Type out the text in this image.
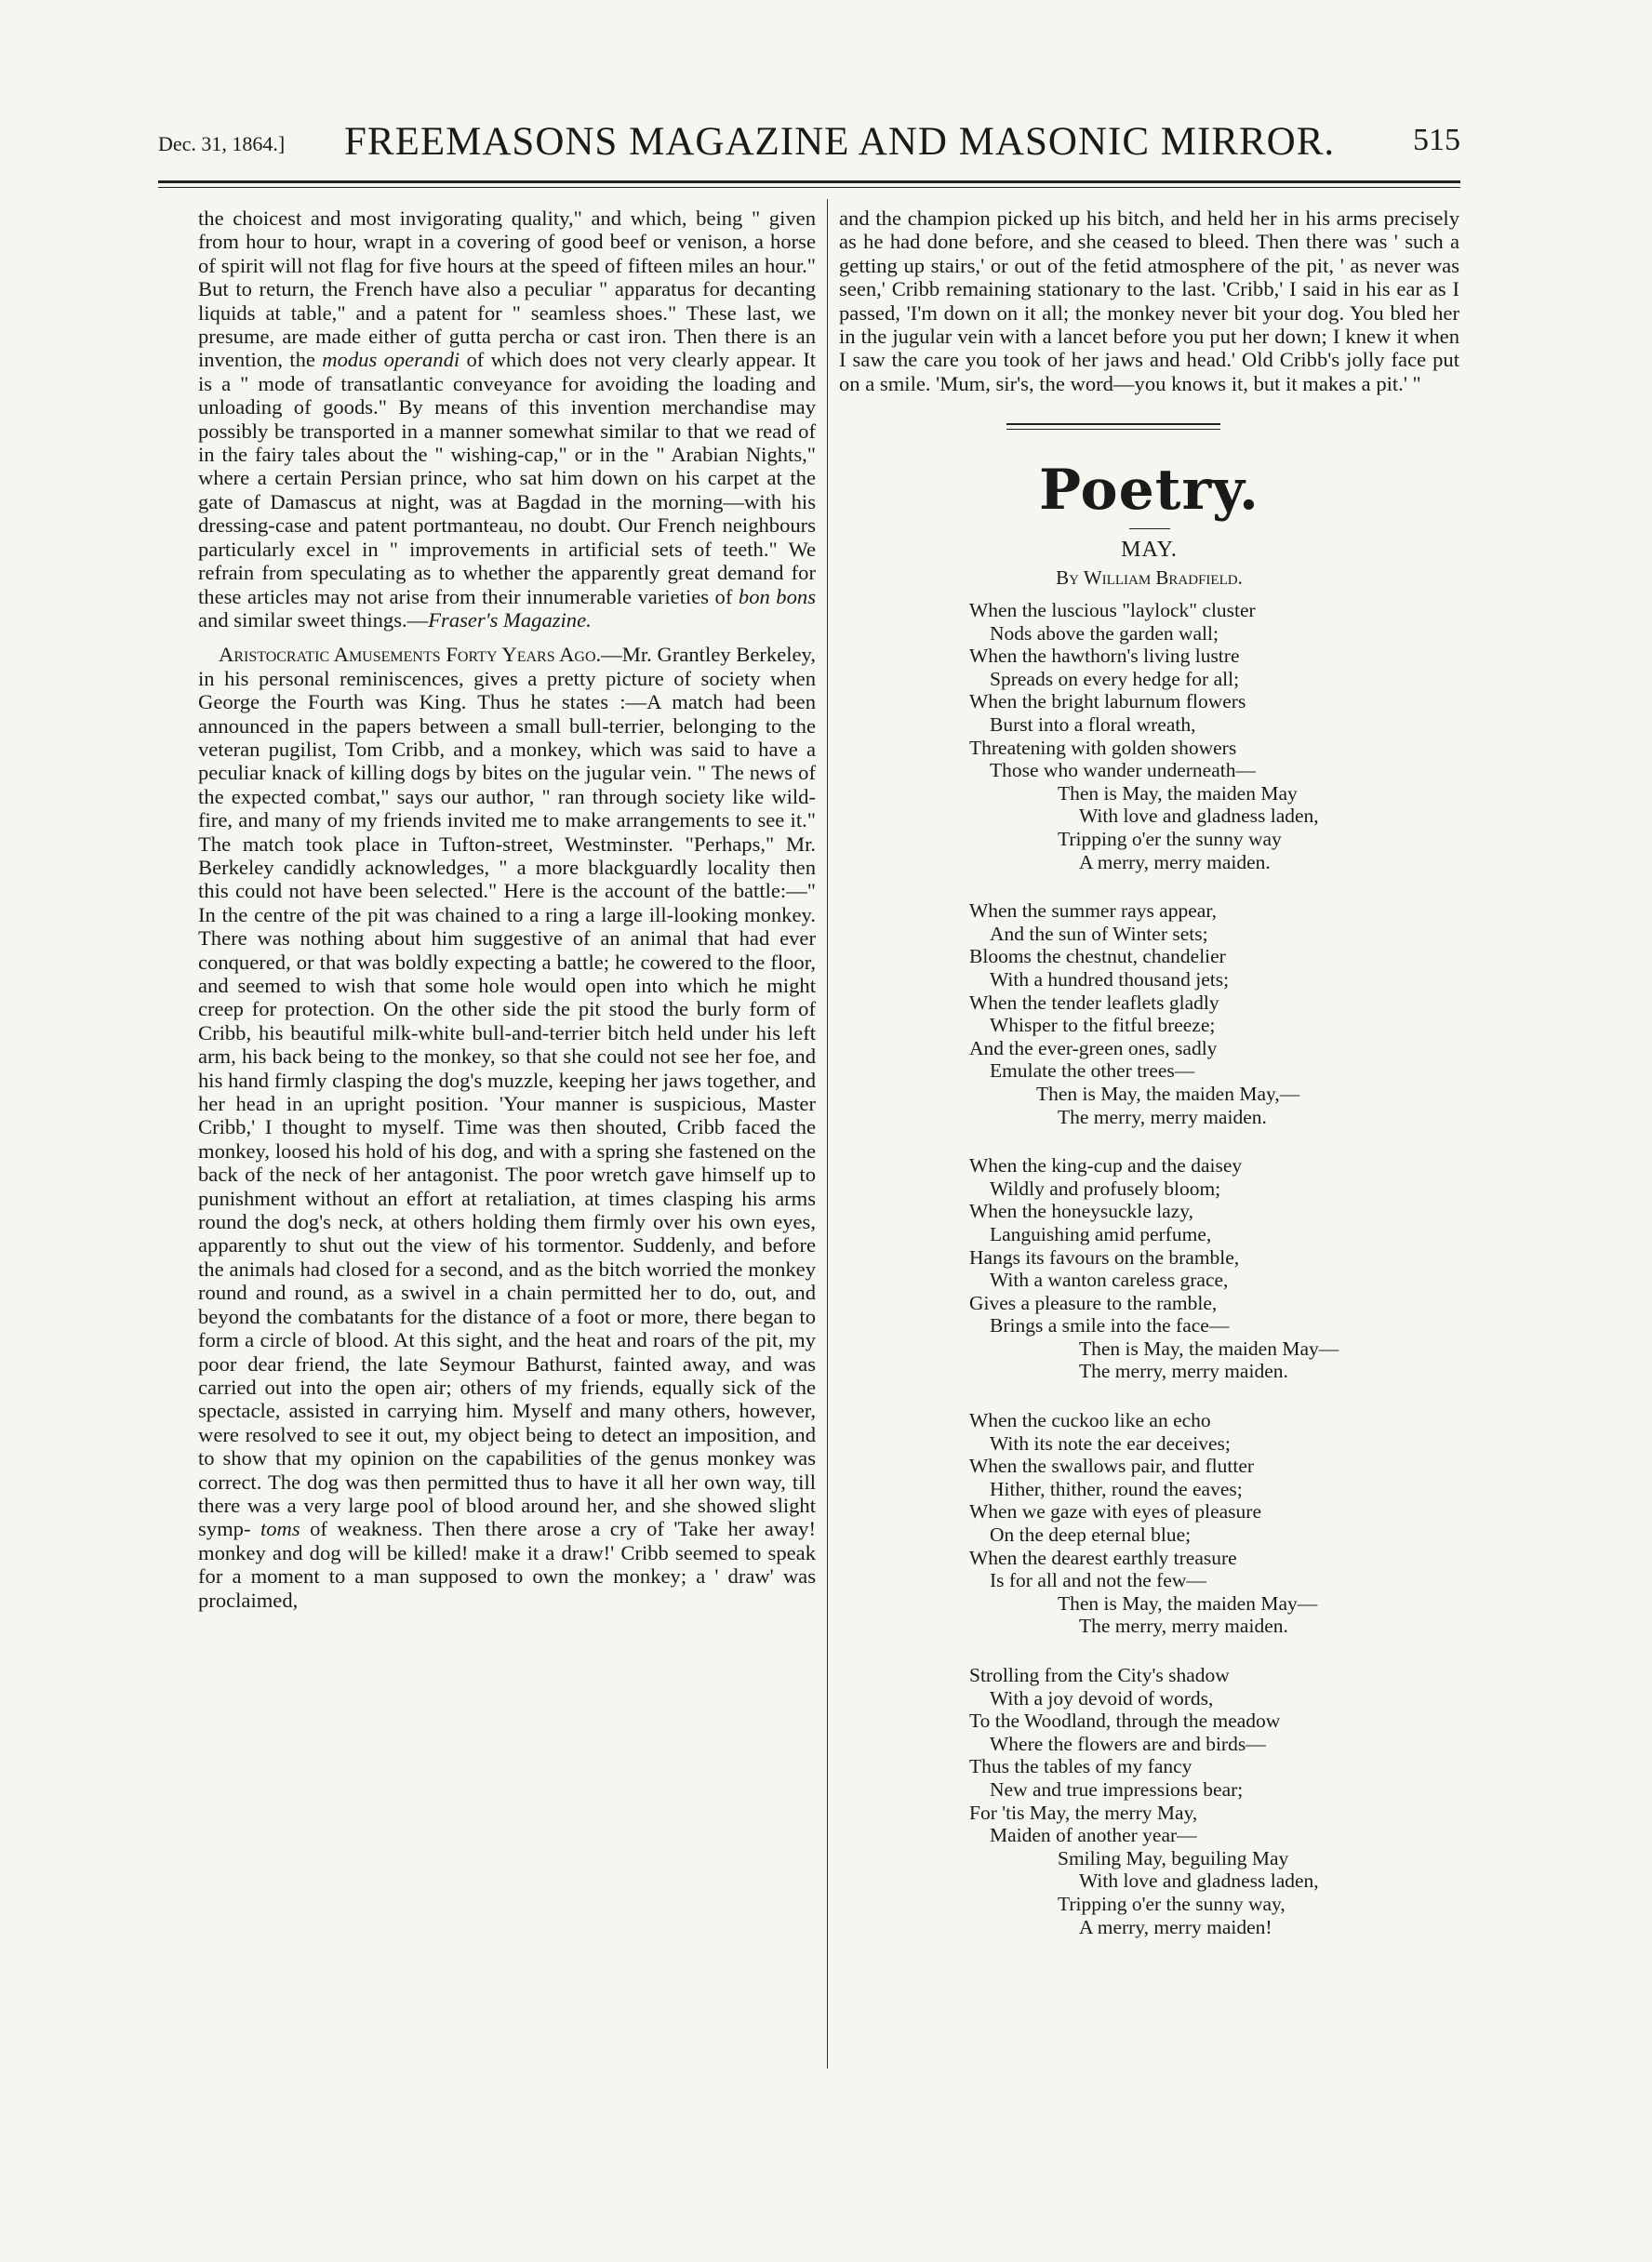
Dec. 31, 1864.] FREEMASONS MAGAZINE AND MASONIC MIRROR. 515

the choicest and most invigorating quality," and which, being " given from hour to hour, wrapt in a covering of good beef or venison, a horse of spirit will not flag for five hours at the speed of fifteen miles an hour." But to return, the French have also a peculiar " apparatus for decanting liquids at table," and a patent for " seamless shoes." These last, we presume, are made either of gutta percha or cast iron. Then there is an invention, the modus operandi of which does not very clearly appear. It is a " mode of transatlantic conveyance for avoiding the loading and unloading of goods." By means of this invention merchandise may possibly be transported in a manner somewhat similar to that we read of in the fairy tales about the " wishing-cap," or in the " Arabian Nights," where a certain Persian prince, who sat him down on his carpet at the gate of Damascus at night, was at Bagdad in the morning—with his dressing-case and patent portmanteau, no doubt. Our French neighbours particularly excel in " improvements in artificial sets of teeth." We refrain from speculating as to whether the apparently great demand for these articles may not arise from their innumerable varieties of bon bons and similar sweet things.—Fraser's Magazine.

Aristocratic Amusements Forty Years Ago.—Mr. Grantley Berkeley, in his personal reminiscences, gives a pretty picture of society when George the Fourth was King. Thus he states :—A match had been announced in the papers between a small bull-terrier, belonging to the veteran pugilist, Tom Cribb, and a monkey, which was said to have a peculiar knack of killing dogs by bites on the jugular vein. " The news of the expected combat," says our author, " ran through society like wild-fire, and many of my friends invited me to make arrangements to see it." The match took place in Tufton-street, Westminster. "Perhaps," Mr. Berkeley candidly acknowledges, " a more blackguardly locality then this could not have been selected." Here is the account of the battle:—" In the centre of the pit was chained to a ring a large ill-looking monkey. There was nothing about him suggestive of an animal that had ever conquered, or that was boldly expecting a battle; he cowered to the floor, and seemed to wish that some hole would open into which he might creep for protection. On the other side the pit stood the burly form of Cribb, his beautiful milk-white bull-and-terrier bitch held under his left arm, his back being to the monkey, so that she could not see her foe, and his hand firmly clasping the dog's muzzle, keeping her jaws together, and her head in an upright position. 'Your manner is suspicious, Master Cribb,' I thought to myself. Time was then shouted, Cribb faced the monkey, loosed his hold of his dog, and with a spring she fastened on the back of the neck of her antagonist. The poor wretch gave himself up to punishment without an effort at retaliation, at times clasping his arms round the dog's neck, at others holding them firmly over his own eyes, apparently to shut out the view of his tormentor. Suddenly, and before the animals had closed for a second, and as the bitch worried the monkey round and round, as a swivel in a chain permitted her to do, out, and beyond the combatants for the distance of a foot or more, there began to form a circle of blood. At this sight, and the heat and roars of the pit, my poor dear friend, the late Seymour Bathurst, fainted away, and was carried out into the open air; others of my friends, equally sick of the spectacle, assisted in carrying him. Myself and many others, however, were resolved to see it out, my object being to detect an imposition, and to show that my opinion on the capabilities of the genus monkey was correct. The dog was then permitted thus to have it all her own way, till there was a very large pool of blood around her, and she showed slight symp- toms of weakness. Then there arose a cry of 'Take her away! monkey and dog will be killed! make it a draw!' Cribb seemed to speak for a moment to a man supposed to own the monkey; a ' draw' was proclaimed,

and the champion picked up his bitch, and held her in his arms precisely as he had done before, and she ceased to bleed. Then there was ' such a getting up stairs,' or out of the fetid atmosphere of the pit, ' as never was seen,' Cribb remaining stationary to the last. 'Cribb,' I said in his ear as I passed, 'I'm down on it all; the monkey never bit your dog. You bled her in the jugular vein with a lancet before you put her down; I knew it when I saw the care you took of her jaws and head.' Old Cribb's jolly face put on a smile. 'Mum, sir's, the word—you knows it, but it makes a pit.' "

Poetry.
MAY.
By William Bradfield.
When the luscious "laylock" cluster
Nods above the garden wall;
When the hawthorn's living lustre
Spreads on every hedge for all;
When the bright laburnum flowers
Burst into a floral wreath,
Threatening with golden showers
Those who wander underneath—
Then is May, the maiden May
With love and gladness laden,
Tripping o'er the sunny way
A merry, merry maiden.
When the summer rays appear,
And the sun of Winter sets;
Blooms the chestnut, chandelier
With a hundred thousand jets;
When the tender leaflets gladly
Whisper to the fitful breeze;
And the ever-green ones, sadly
Emulate the other trees—
Then is May, the maiden May,—
The merry, merry maiden.
When the king-cup and the daisey
Wildly and profusely bloom;
When the honeysuckle lazy,
Languishing amid perfume,
Hangs its favours on the bramble,
With a wanton careless grace,
Gives a pleasure to the ramble,
Brings a smile into the face—
Then is May, the maiden May—
The merry, merry maiden.
When the cuckoo like an echo
With its note the ear deceives;
When the swallows pair, and flutter
Hither, thither, round the eaves;
When we gaze with eyes of pleasure
On the deep eternal blue;
When the dearest earthly treasure
Is for all and not the few—
Then is May, the maiden May—
The merry, merry maiden.
Strolling from the City's shadow
With a joy devoid of words,
To the Woodland, through the meadow
Where the flowers are and birds—
Thus the tables of my fancy
New and true impressions bear;
For 'tis May, the merry May,
Maiden of another year—
Smiling May, beguiling May
With love and gladness laden,
Tripping o'er the sunny way,
A merry, merry maiden!
